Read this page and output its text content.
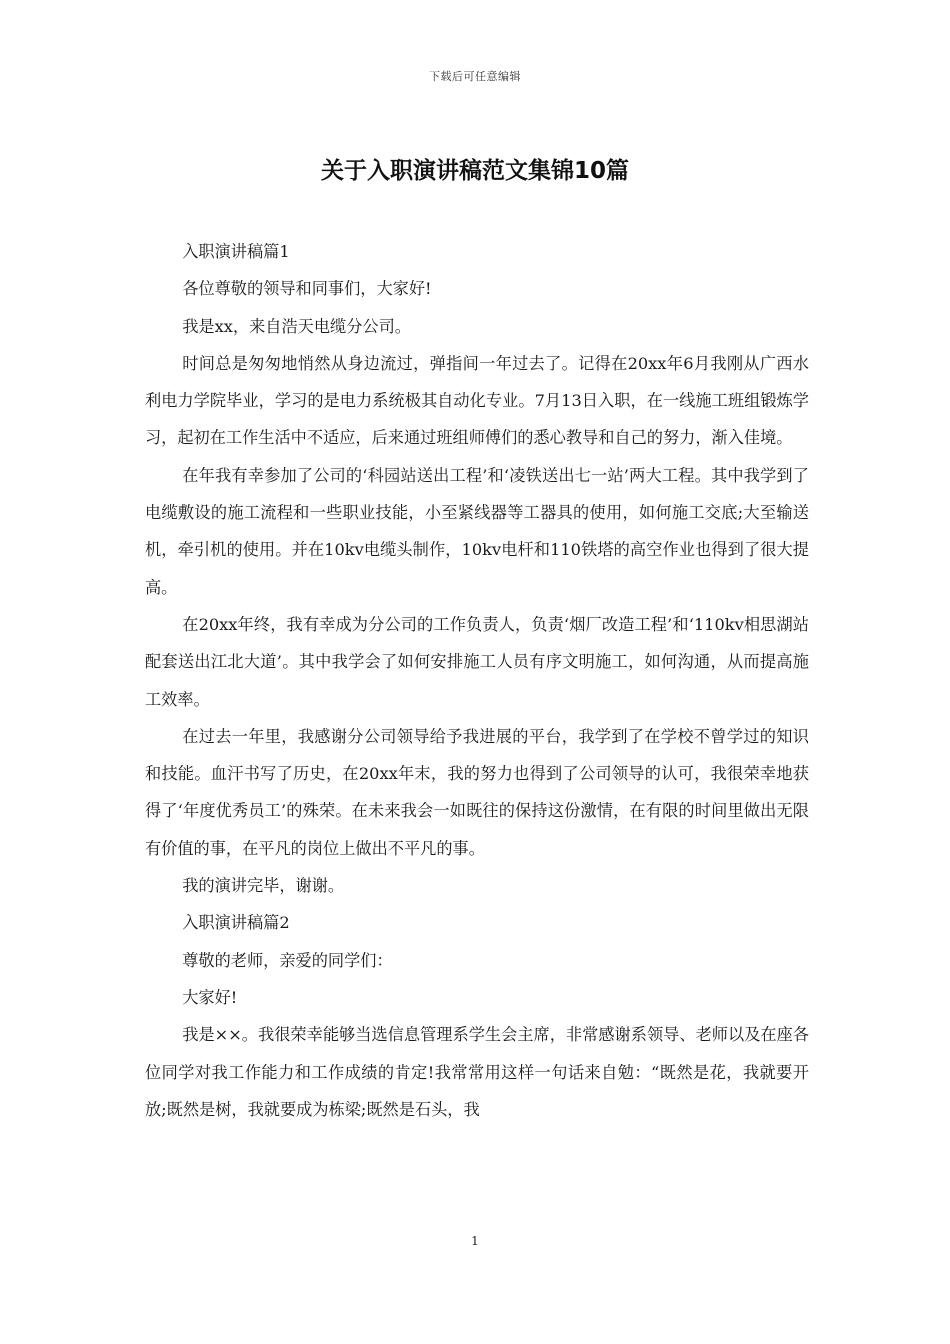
下载后可任意编辑
关于入职演讲稿范文集锦10篇

入职演讲稿篇1

各位尊敬的领导和同事们，大家好!

我是xx，来自浩天电缆分公司。

时间总是匆匆地悄然从身边流过，弹指间一年过去了。记得在20xx年6月我刚从广西水利电力学院毕业，学习的是电力系统极其自动化专业。7月13日入职，在一线施工班组锻炼学习，起初在工作生活中不适应，后来通过班组师傅们的悉心教导和自己的努力，渐入佳境。

在年我有幸参加了公司的‘科园站送出工程’和‘凌铁送出七一站’两大工程。其中我学到了电缆敷设的施工流程和一些职业技能，小至紧线器等工器具的使用，如何施工交底;大至输送机，牵引机的使用。并在10kv电缆头制作，10kv电杆和110铁塔的高空作业也得到了很大提高。

在20xx年终，我有幸成为分公司的工作负责人，负责‘烟厂改造工程’和‘110kv相思湖站配套送出江北大道’。其中我学会了如何安排施工人员有序文明施工，如何沟通，从而提高施工效率。

在过去一年里，我感谢分公司领导给予我进展的平台，我学到了在学校不曾学过的知识和技能。血汗书写了历史，在20xx年末，我的努力也得到了公司领导的认可，我很荣幸地获得了‘年度优秀员工’的殊荣。在未来我会一如既往的保持这份激情，在有限的时间里做出无限有价值的事，在平凡的岗位上做出不平凡的事。

我的演讲完毕，谢谢。

入职演讲稿篇2

尊敬的老师，亲爱的同学们：

大家好!

我是××。我很荣幸能够当选信息管理系学生会主席，非常感谢系领导、老师以及在座各位同学对我工作能力和工作成绩的肯定!我常常用这样一句话来自勉：“既然是花，我就要开放;既然是树，我就要成为栋梁;既然是石头，我

1
